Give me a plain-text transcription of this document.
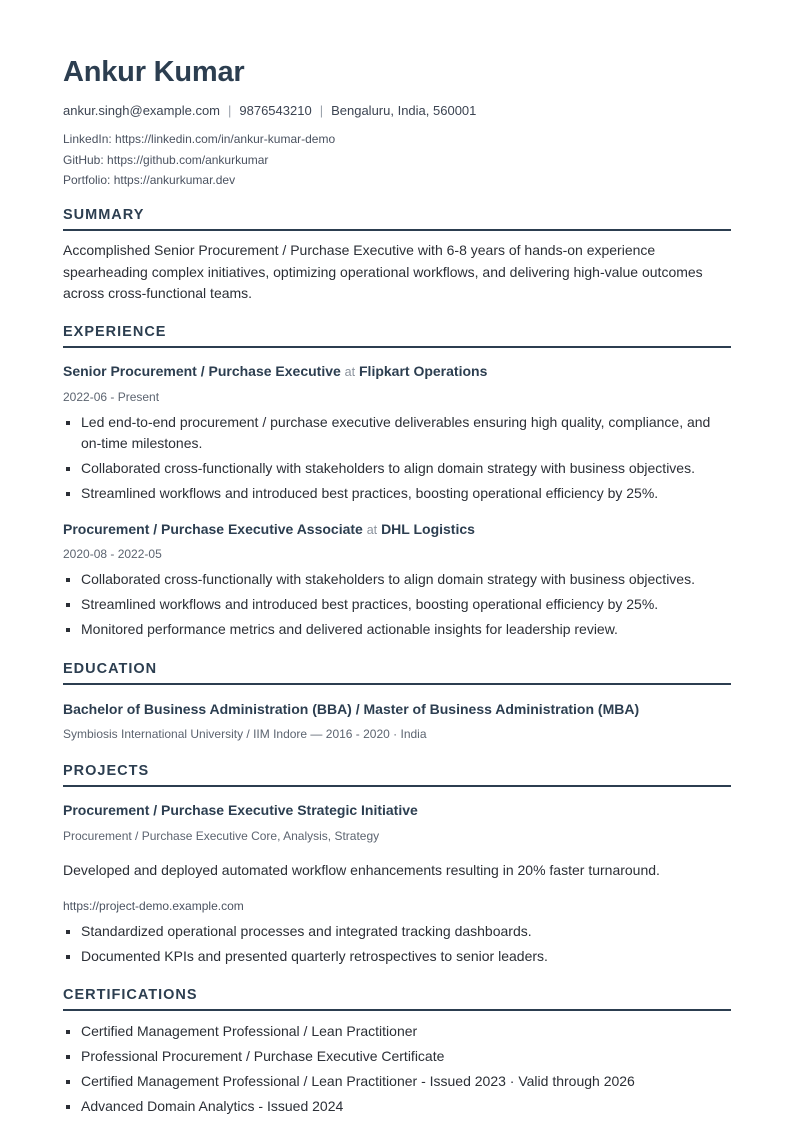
Ankur Kumar
ankur.singh@example.com | 9876543210 | Bengaluru, India, 560001
LinkedIn: https://linkedin.com/in/ankur-kumar-demo
GitHub: https://github.com/ankurkumar
Portfolio: https://ankurkumar.dev
SUMMARY
Accomplished Senior Procurement / Purchase Executive with 6-8 years of hands-on experience spearheading complex initiatives, optimizing operational workflows, and delivering high-value outcomes across cross-functional teams.
EXPERIENCE
Senior Procurement / Purchase Executive at Flipkart Operations
2022-06 - Present
Led end-to-end procurement / purchase executive deliverables ensuring high quality, compliance, and on-time milestones.
Collaborated cross-functionally with stakeholders to align domain strategy with business objectives.
Streamlined workflows and introduced best practices, boosting operational efficiency by 25%.
Procurement / Purchase Executive Associate at DHL Logistics
2020-08 - 2022-05
Collaborated cross-functionally with stakeholders to align domain strategy with business objectives.
Streamlined workflows and introduced best practices, boosting operational efficiency by 25%.
Monitored performance metrics and delivered actionable insights for leadership review.
EDUCATION
Bachelor of Business Administration (BBA) / Master of Business Administration (MBA)
Symbiosis International University / IIM Indore — 2016 - 2020 · India
PROJECTS
Procurement / Purchase Executive Strategic Initiative
Procurement / Purchase Executive Core, Analysis, Strategy
Developed and deployed automated workflow enhancements resulting in 20% faster turnaround.
https://project-demo.example.com
Standardized operational processes and integrated tracking dashboards.
Documented KPIs and presented quarterly retrospectives to senior leaders.
CERTIFICATIONS
Certified Management Professional / Lean Practitioner
Professional Procurement / Purchase Executive Certificate
Certified Management Professional / Lean Practitioner - Issued 2023 · Valid through 2026
Advanced Domain Analytics - Issued 2024
